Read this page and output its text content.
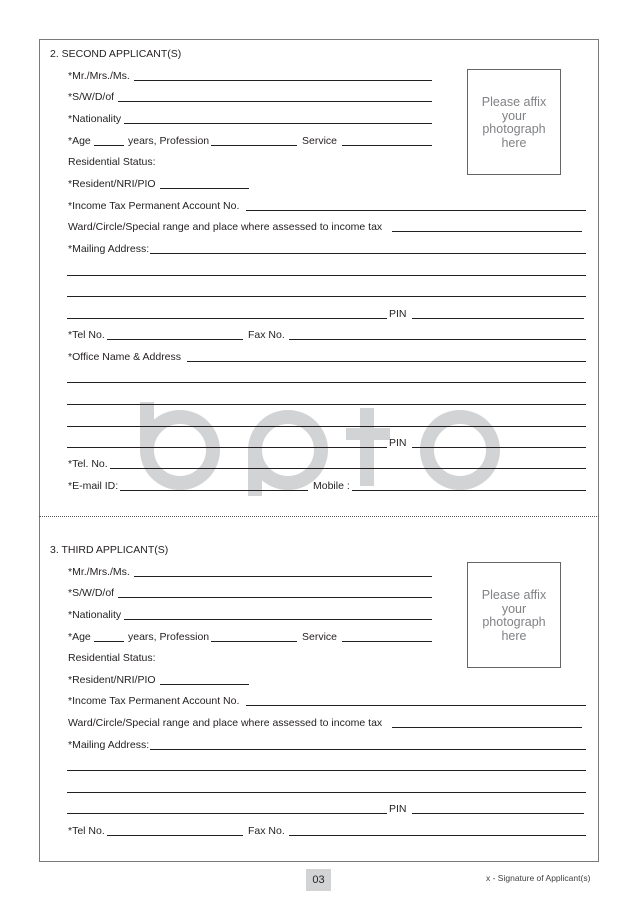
2. SECOND APPLICANT(S)
*Mr./Mrs./Ms.
*S/W/D/of
*Nationality
*Age	years, Profession	Service
Please affix
your
photograph
here
Residential Status:
*Resident/NRI/PIO
*Income Tax Permanent Account No.
Ward/Circle/Special range and place where assessed to income tax
*Mailing Address:
PIN
*Tel No.	Fax No.
*Office Name & Address
PIN
*Tel. No.
*E-mail ID:	Mobile :
3. THIRD APPLICANT(S)
*Mr./Mrs./Ms.
*S/W/D/of
*Nationality
*Age	years, Profession	Service
Please affix
your
photograph
here
Residential Status:
*Resident/NRI/PIO
*Income Tax Permanent Account No.
Ward/Circle/Special range and place where assessed to income tax
*Mailing Address:
PIN
*Tel No.	Fax No.
03	x - Signature of Applicant(s)
